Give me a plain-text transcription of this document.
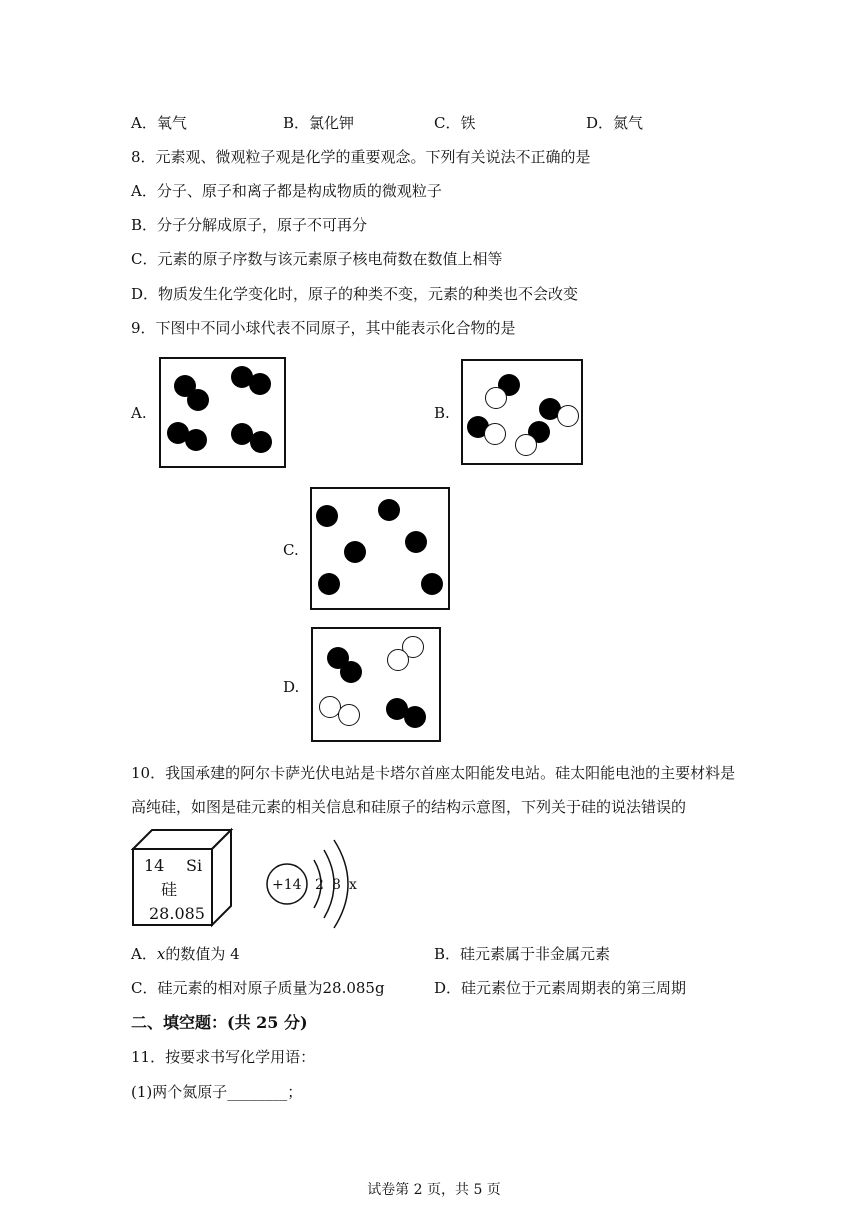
A．氧气	B．氯化钾	C．铁	D．氮气
8．元素观、微观粒子观是化学的重要观念。下列有关说法不正确的是
A．分子、原子和离子都是构成物质的微观粒子
B．分子分解成原子，原子不可再分
C．元素的原子序数与该元素原子核电荷数在数值上相等
D．物质发生化学变化时，原子的种类不变，元素的种类也不会改变
9．下图中不同小球代表不同原子，其中能表示化合物的是
A.	B.
C.
D.
10．我国承建的阿尔卡萨光伏电站是卡塔尔首座太阳能发电站。硅太阳能电池的主要材料是
高纯硅，如图是硅元素的相关信息和硅原子的结构示意图，下列关于硅的说法错误的
14 Si
硅
28.085
+14 2 8 x
A．x的数值为 4	B．硅元素属于非金属元素
C．硅元素的相对原子质量为28.085g	D．硅元素位于元素周期表的第三周期
二、填空题：(共 25 分)
11．按要求书写化学用语：
(1)两个氮原子________；
试卷第 2 页，共 5 页
